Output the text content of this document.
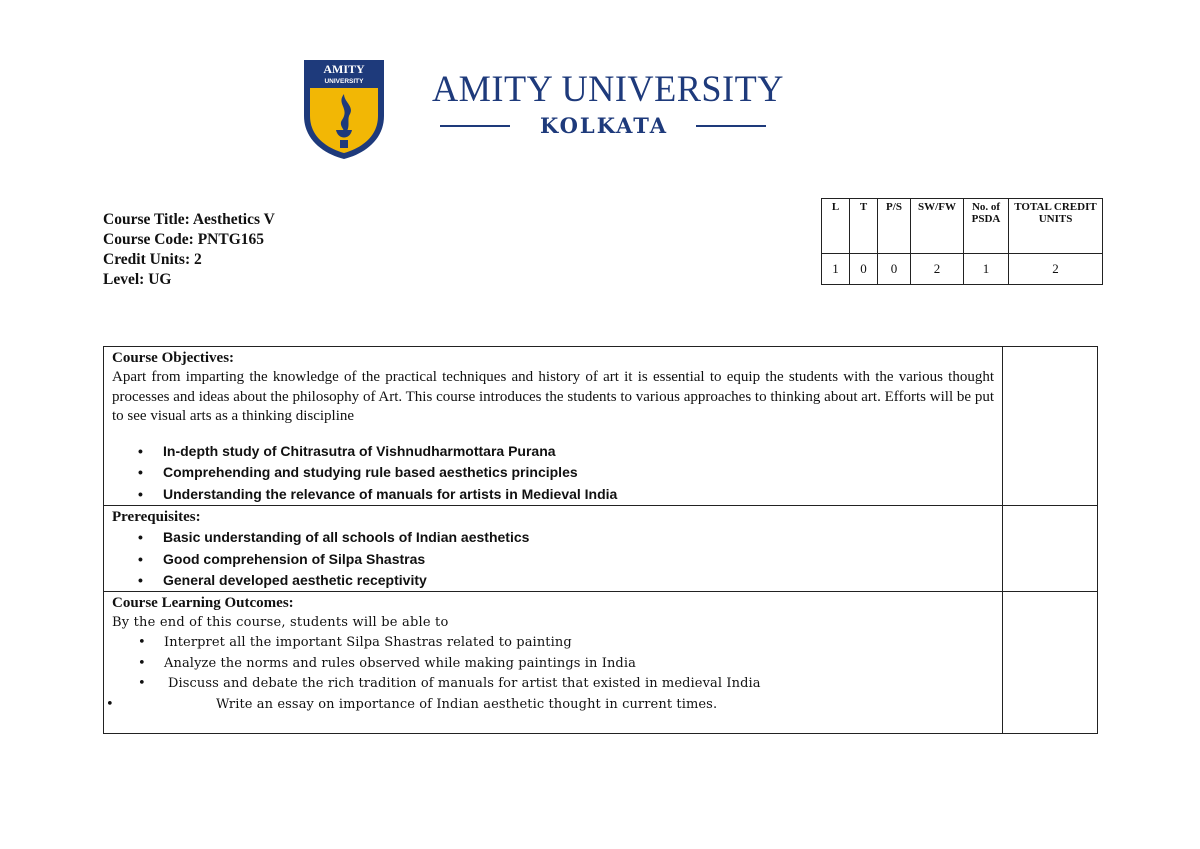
AMITY
UNIVERSITY AMITY UNIVERSITY
KOLKATA
Course Title: Aesthetics V
Course Code: PNTG165
Credit Units: 2
Level: UG
L	T	P/S	SW/FW	No. of PSDA	TOTAL CREDIT UNITS
1	0	0	2	1	2
Course Objectives:
Apart from imparting the knowledge of the practical techniques and history of art it is essential to equip the students with the various thought processes and ideas about the philosophy of Art. This course introduces the students to various approaches to thinking about art. Efforts will be put to see visual arts as a thinking discipline
• In-depth study of Chitrasutra of Vishnudharmottara Purana
• Comprehending and studying rule based aesthetics principles
• Understanding the relevance of manuals for artists in Medieval India
Prerequisites:
• Basic understanding of all schools of Indian aesthetics
• Good comprehension of Silpa Shastras
• General developed aesthetic receptivity
Course Learning Outcomes:
By the end of this course, students will be able to
• Interpret all the important Silpa Shastras related to painting
• Analyze the norms and rules observed while making paintings in India
• Discuss and debate the rich tradition of manuals for artist that existed in medieval India
• Write an essay on importance of Indian aesthetic thought in current times.
